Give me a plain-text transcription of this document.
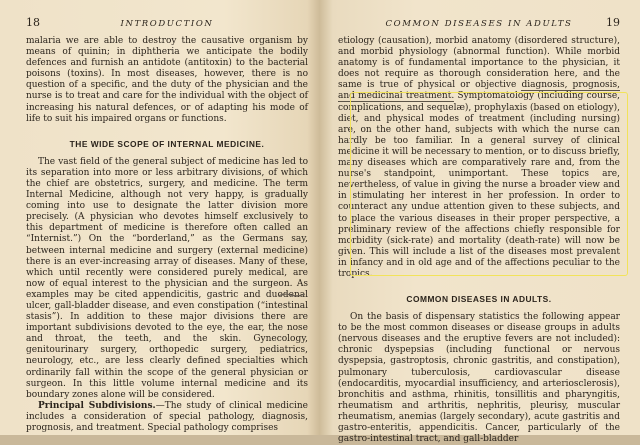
18	INTRODUCTION

malaria we are able to destroy the causative organism by means of quinin; in diphtheria we anticipate the bodily defences and furnish an antidote (antitoxin) to the bacterial poisons (toxins). In most diseases, however, there is no question of a specific, and the duty of the physician and the nurse is to treat and care for the individual with the object of increasing his natural defences, or of adapting his mode of life to suit his impaired organs or functions.

THE WIDE SCOPE OF INTERNAL MEDICINE.

The vast field of the general subject of medicine has led to its separation into more or less arbitrary divisions, of which the chief are obstetrics, surgery, and medicine. The term Internal Medicine, although not very happy, is gradually coming into use to designate the latter division more precisely. (A physician who devotes himself exclusively to this department of medicine is therefore often called an “Internist.”) On the “borderland,” as the Germans say, between internal medicine and surgery (external medicine) there is an ever-increasing array of diseases. Many of these, which until recently were considered purely medical, are now of equal interest to the physician and the surgeon. As examples may be cited appendicitis, gastric and duodenal ulcer, gall-bladder disease, and even constipation (“intestinal stasis”). In addition to these major divisions there are important subdivisions devoted to the eye, the ear, the nose and throat, the teeth, and the skin. Gynecology, genitourinary surgery, orthopedic surgery, pediatrics, neurology, etc., are less clearly defined specialties which ordinarily fall within the scope of the general physician or surgeon. In this little volume internal medicine and its boundary zones alone will be considered.

Principal Subdivisions.—The study of clinical medicine includes a consideration of special pathology, diagnosis, prognosis, and treatment. Special pathology comprises

COMMON DISEASES IN ADULTS	19

etiology (causation), morbid anatomy (disordered structure), and morbid physiology (abnormal function). While morbid anatomy is of fundamental importance to the physician, it does not require as thorough consideration here, and the same is true of physical or objective diagnosis, prognosis, and medicinal treatment. Symptomatology (including course, complications, and sequelæ), prophylaxis (based on etiology), diet, and physical modes of treatment (including nursing) are, on the other hand, subjects with which the nurse can hardly be too familiar. In a general survey of clinical medicine it will be necessary to mention, or to discuss briefly, many diseases which are comparatively rare and, from the nurse's standpoint, unimportant. These topics are, nevertheless, of value in giving the nurse a broader view and in stimulating her interest in her profession. In order to counteract any undue attention given to these subjects, and to place the various diseases in their proper perspective, a preliminary review of the affections chiefly responsible for morbidity (sick-rate) and mortality (death-rate) will now be given. This will include a list of the diseases most prevalent in infancy and in old age and of the affections peculiar to the tropics.

COMMON DISEASES IN ADULTS.

On the basis of dispensary statistics the following appear to be the most common diseases or disease groups in adults (nervous diseases and the eruptive fevers are not included): chronic dyspepsias (including functional or nervous dyspepsia, gastroptosis, chronic gastritis, and constipation), pulmonary tuberculosis, cardiovascular disease (endocarditis, myocardial insufficiency, and arteriosclerosis), bronchitis and asthma, rhinitis, tonsillitis and pharyngitis, rheumatism and arthritis, nephritis, pleurisy, muscular rheumatism, anemias (largely secondary), acute gastritis and gastro-enteritis, appendicitis. Cancer, particularly of the gastro-intestinal tract, and gall-bladder
